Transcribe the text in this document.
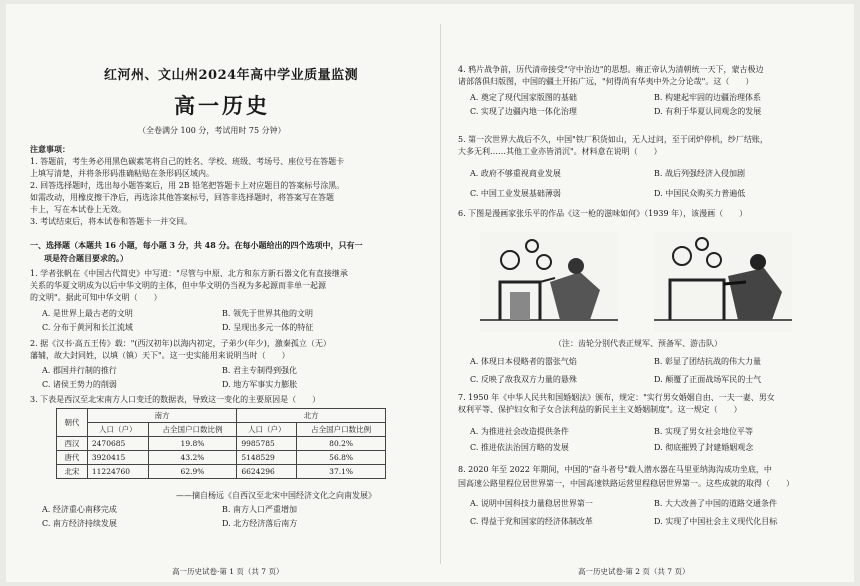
红河州、文山州2024年高中学业质量监测
高一历史
（全卷满分 100 分，考试用时 75 分钟）
注意事项：
1. 答题前，考生务必用黑色碳素笔将自己的姓名、学校、班级、考场号、座位号在答题卡
上填写清楚，并将条形码准确粘贴在条形码区域内。
2. 回答选择题时，选出每小题答案后，用 2B 铅笔把答题卡上对应题目的答案标号涂黑。
如需改动，用橡皮擦干净后，再选涂其他答案标号，回答非选择题时，将答案写在答题
卡上，写在本试卷上无效。
3. 考试结束后，将本试卷和答题卡一并交回。
一、选择题（本题共 16 小题，每小题 3 分，共 48 分。在每小题给出的四个选项中，只有一
项是符合题目要求的。）
1. 学者张帆在《中国古代简史》中写道："尽管与中原、北方和东方新石器文化有直接继承
关系的华夏文明成为以后中华文明的主体，但中华文明仍当视为多起源而非单一起源
的文明"。据此可知中华文明（　　）
A. 是世界上最古老的文明	B. 领先于世界其他的文明
C. 分布于黄河和长江流域	D. 呈现出多元一体的特征
2. 据《汉书·高五王传》载："(西汉初年)以海内初定，子弟少(年少)，激秦孤立（无）
藩辅，故大封同姓，以填（镇）天下"。这一史实能用来说明当时（　　）
A. 郡国并行制的推行	B. 君主专制得到强化
C. 诸侯王势力的削弱	D. 地方军事实力膨胀
3. 下表是西汉至北宋南方人口变迁的数据表，导致这一变化的主要原因是（　　）
朝代	南方		北方	
	人口（户）	占全国户口数比例	人口（户）	占全国户口数比例
西汉	2470685	19.8%	9985785	80.2%
唐代	3920415	43.2%	5148529	56.8%
北宋	11224760	62.9%	6624296	37.1%
——摘自杨远《自西汉至北宋中国经济文化之向南发展》
A. 经济重心南移完成	B. 南方人口严重增加
C. 南方经济持续发展	D. 北方经济落后南方
高一历史试卷·第 1 页（共 7 页）
4. 鸦片战争前，历代清帝接受"守中治边"的思想。雍正帝认为清朝统一天下，蒙古极边
诸部落俱归版图，中国的疆土开拓广远，"何得尚有华夷中外之分论哉"。这（　　）
A. 奠定了现代国家版图的基础	B. 构建起牢固的边疆治理体系
C. 实现了边疆内地一体化治理	D. 有利于华夏认同观念的发展
5. 第一次世界大战后不久，中国"铁厂积货如山，无人过问，至于闭炉停机，纱厂结账，
大多无利……其他工业亦皆消沉"。材料意在说明（　　）
A. 政府不够重视商业发展	B. 战后列强经济入侵加剧
C. 中国工业发展基础薄弱	D. 中国民众购买力普遍低
6. 下图是漫画家张乐平的作品《这一枪的滋味如何》（1939 年），该漫画（　　）
（注：齿轮分别代表正规军、预备军、游击队）
A. 体现日本侵略者的嚣张气焰	B. 彰显了团结抗战的伟大力量
C. 反映了敌我双方力量的悬殊	D. 颠覆了正面战场军民的士气
7. 1950 年《中华人民共和国婚姻法》颁布，规定："实行男女婚姻自由、一夫一妻、男女
权利平等、保护妇女和子女合法利益的新民主主义婚姻制度"。这一规定（　　）
A. 为推进社会改造提供条件	B. 实现了男女社会地位平等
C. 推进依法治国方略的发展	D. 彻底摧毁了封建婚姻观念
8. 2020 年至 2022 年期间，中国的"奋斗者号"载人潜水器在马里亚纳海沟成功坐底，中
国高速公路里程位居世界第一，中国高速铁路运营里程稳居世界第一。这些成就的取得（　　）
A. 说明中国科技力量稳居世界第一	B. 大大改善了中国的道路交通条件
C. 得益于党和国家的经济体制改革	D. 实现了中国社会主义现代化目标
高一历史试卷·第 2 页（共 7 页）
